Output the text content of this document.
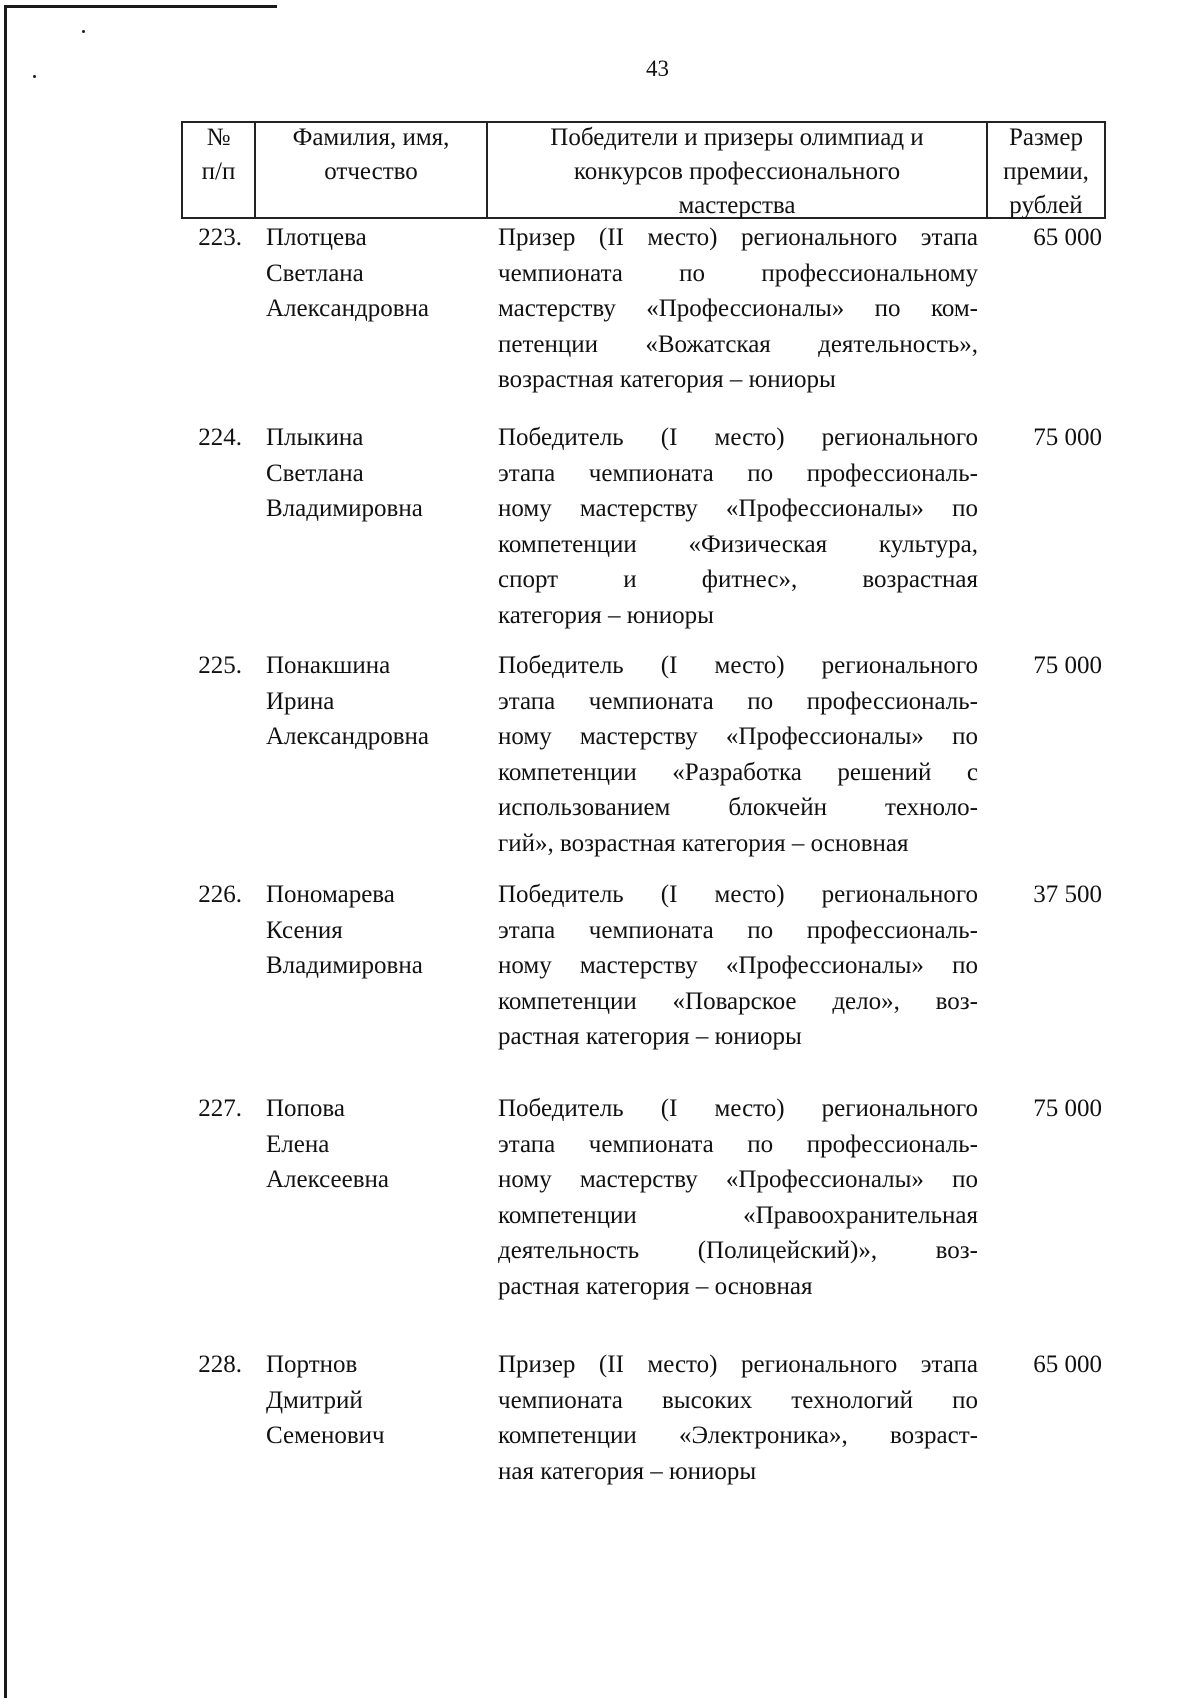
43
№
п/п
Фамилия, имя,
отчество
Победители и призеры олимпиад и
конкурсов профессионального
мастерства
Размер
премии,
рублей
223. Плотцева
Светлана
Александровна
Призер (II место) регионального этапа
чемпионата по профессиональному
мастерству «Профессионалы» по ком-
петенции «Вожатская деятельность»,
возрастная категория – юниоры
65 000
224. Плыкина
Светлана
Владимировна
Победитель (I место) регионального
этапа чемпионата по профессиональ-
ному мастерству «Профессионалы» по
компетенции «Физическая культура,
спорт и фитнес», возрастная
категория – юниоры
75 000
225. Понакшина
Ирина
Александровна
Победитель (I место) регионального
этапа чемпионата по профессиональ-
ному мастерству «Профессионалы» по
компетенции «Разработка решений с
использованием блокчейн техноло-
гий», возрастная категория – основная
75 000
226. Пономарева
Ксения
Владимировна
Победитель (I место) регионального
этапа чемпионата по профессиональ-
ному мастерству «Профессионалы» по
компетенции «Поварское дело», воз-
растная категория – юниоры
37 500
227. Попова
Елена
Алексеевна
Победитель (I место) регионального
этапа чемпионата по профессиональ-
ному мастерству «Профессионалы» по
компетенции «Правоохранительная
деятельность (Полицейский)», воз-
растная категория – основная
75 000
228. Портнов
Дмитрий
Семенович
Призер (II место) регионального этапа
чемпионата высоких технологий по
компетенции «Электроника», возраст-
ная категория – юниоры
65 000
